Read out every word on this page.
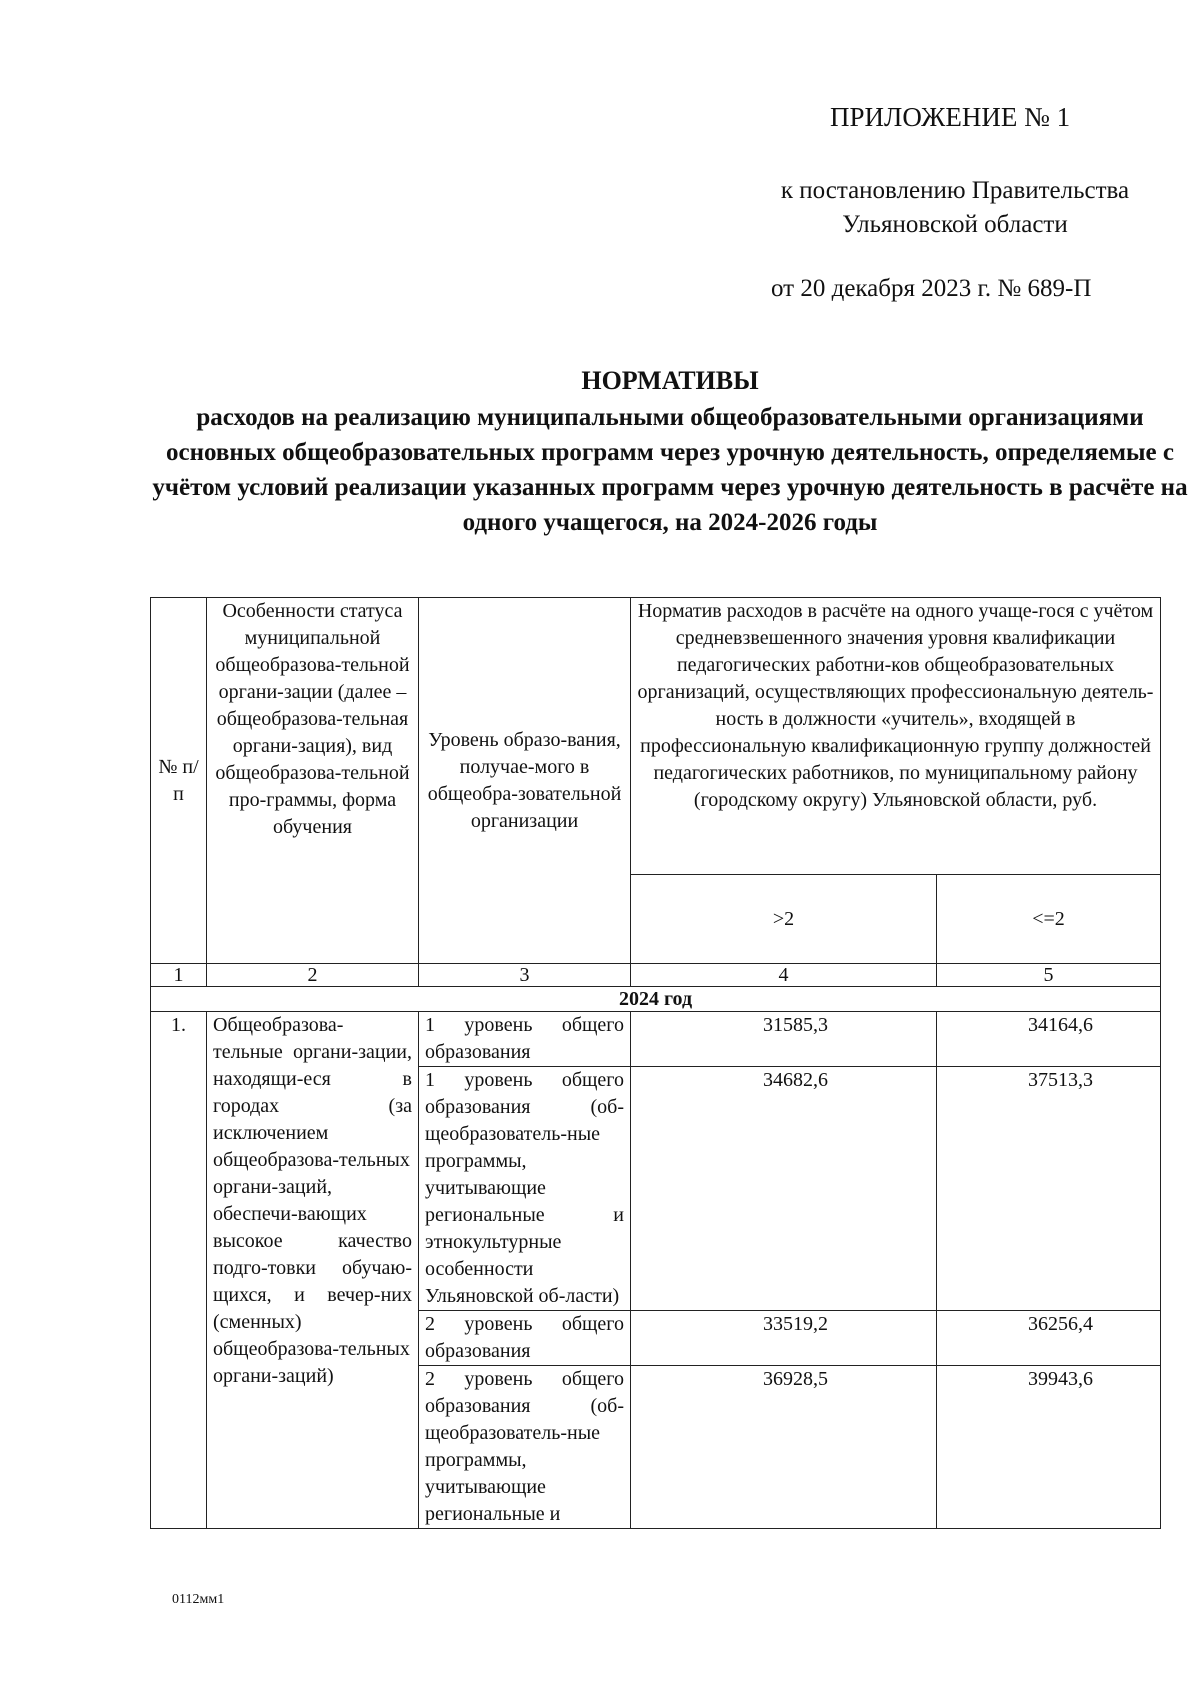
ПРИЛОЖЕНИЕ № 1
к постановлению Правительства
Ульяновской области
от 20 декабря 2023 г. № 689-П
НОРМАТИВЫ
расходов на реализацию муниципальными общеобразовательными организациями основных общеобразовательных программ через урочную деятельность, определяемые с учётом условий реализации указанных программ через урочную деятельность в расчёте на одного учащегося, на 2024-2026 годы
№ п/п	Особенности статуса муниципальной общеобразова-тельной органи-зации (далее – общеобразова-тельная органи-зация), вид общеобразова-тельной про-граммы, форма обучения	Уровень образо-вания, получае-мого в общеобра-зовательной организации	Норматив расходов в расчёте на одного учаще-гося с учётом средневзвешенного значения уровня квалификации педагогических работни-ков общеобразовательных организаций, осуществляющих профессиональную деятель-ность в должности «учитель», входящей в профессиональную квалификационную группу должностей педагогических работников, по муниципальному району (городскому округу) Ульяновской области, руб.	
			>2	<=2
1	2	3	4	5
2024 год				
1.	Общеобразова-тельные органи-зации, находящи-еся в городах (за исключением общеобразова-тельных органи-заций, обеспечи-вающих высокое качество подго-товки обучаю-щихся, и вечер-них (сменных) общеобразова-тельных органи-заций)	1 уровень общего образования	31585,3	34164,6
		1 уровень общего образования (об-щеобразователь-ные программы, учитывающие региональные и этнокультурные особенности Ульяновской об-ласти)	34682,6	37513,3
		2 уровень общего образования	33519,2	36256,4
		2 уровень общего образования (об-щеобразователь-ные программы, учитывающие региональные и	36928,5	39943,6
0112мм1
